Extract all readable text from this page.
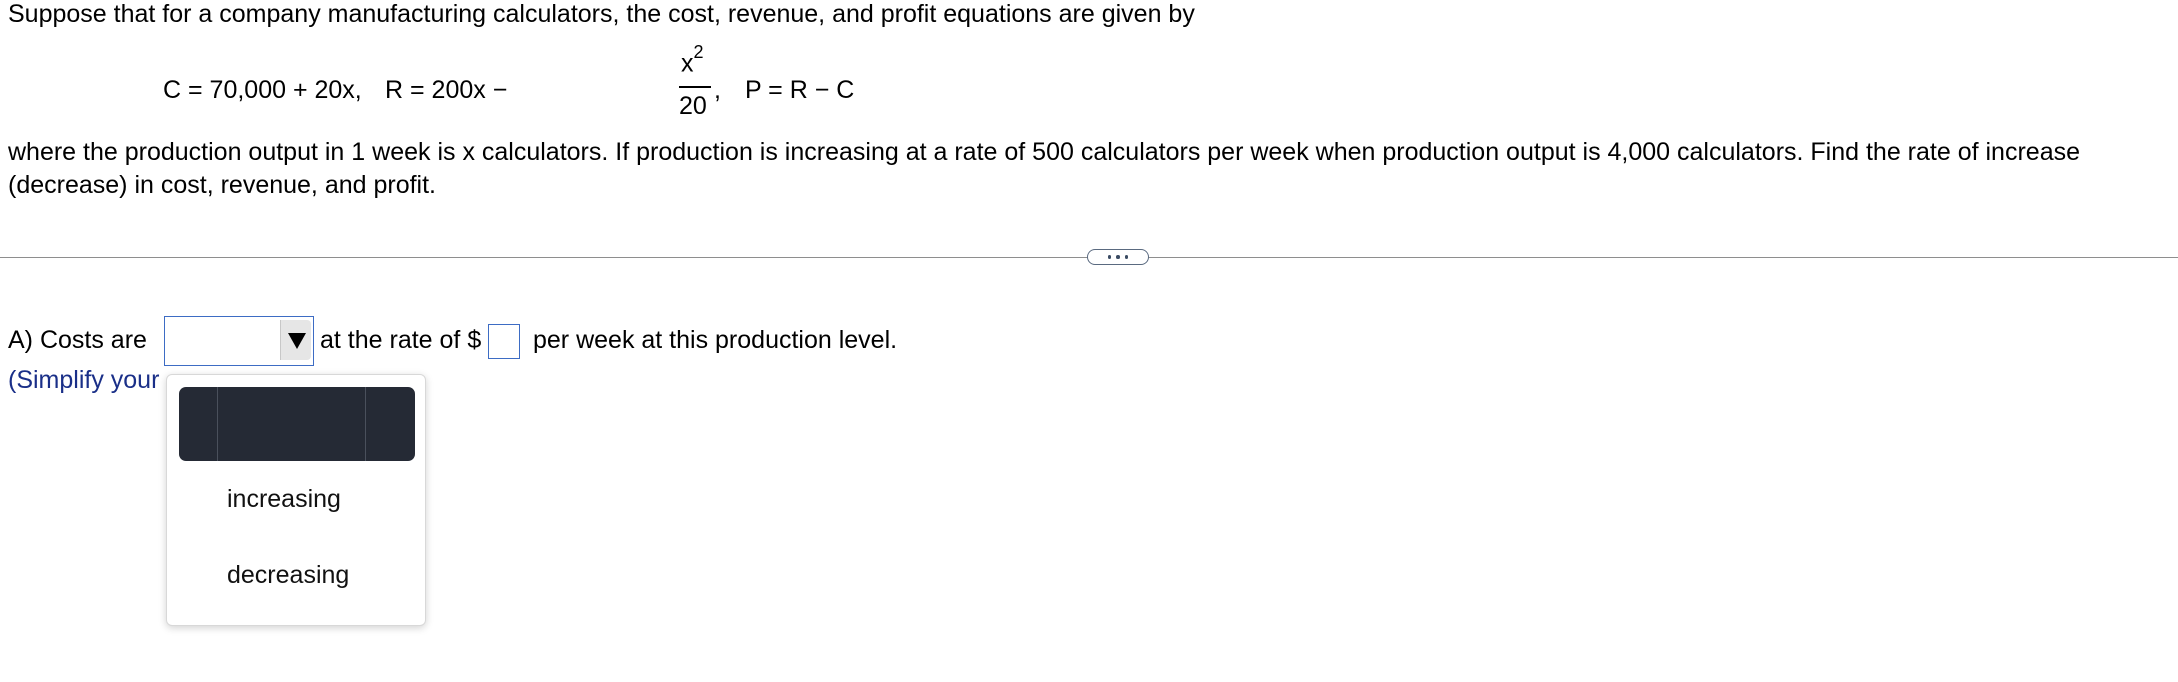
Suppose that for a company manufacturing calculators, the cost, revenue, and profit equations are given by

C = 70,000 + 20x, R = 200x −
$x^2$
20
, P = R − C

where the production output in 1 week is x calculators. If production is increasing at a rate of 500 calculators per week when production output is 4,000 calculators. Find the rate of increase (decrease) in cost, revenue, and profit.

A) Costs are	at the rate of $ per week at this production level.
(Simplify your
increasing
decreasing
